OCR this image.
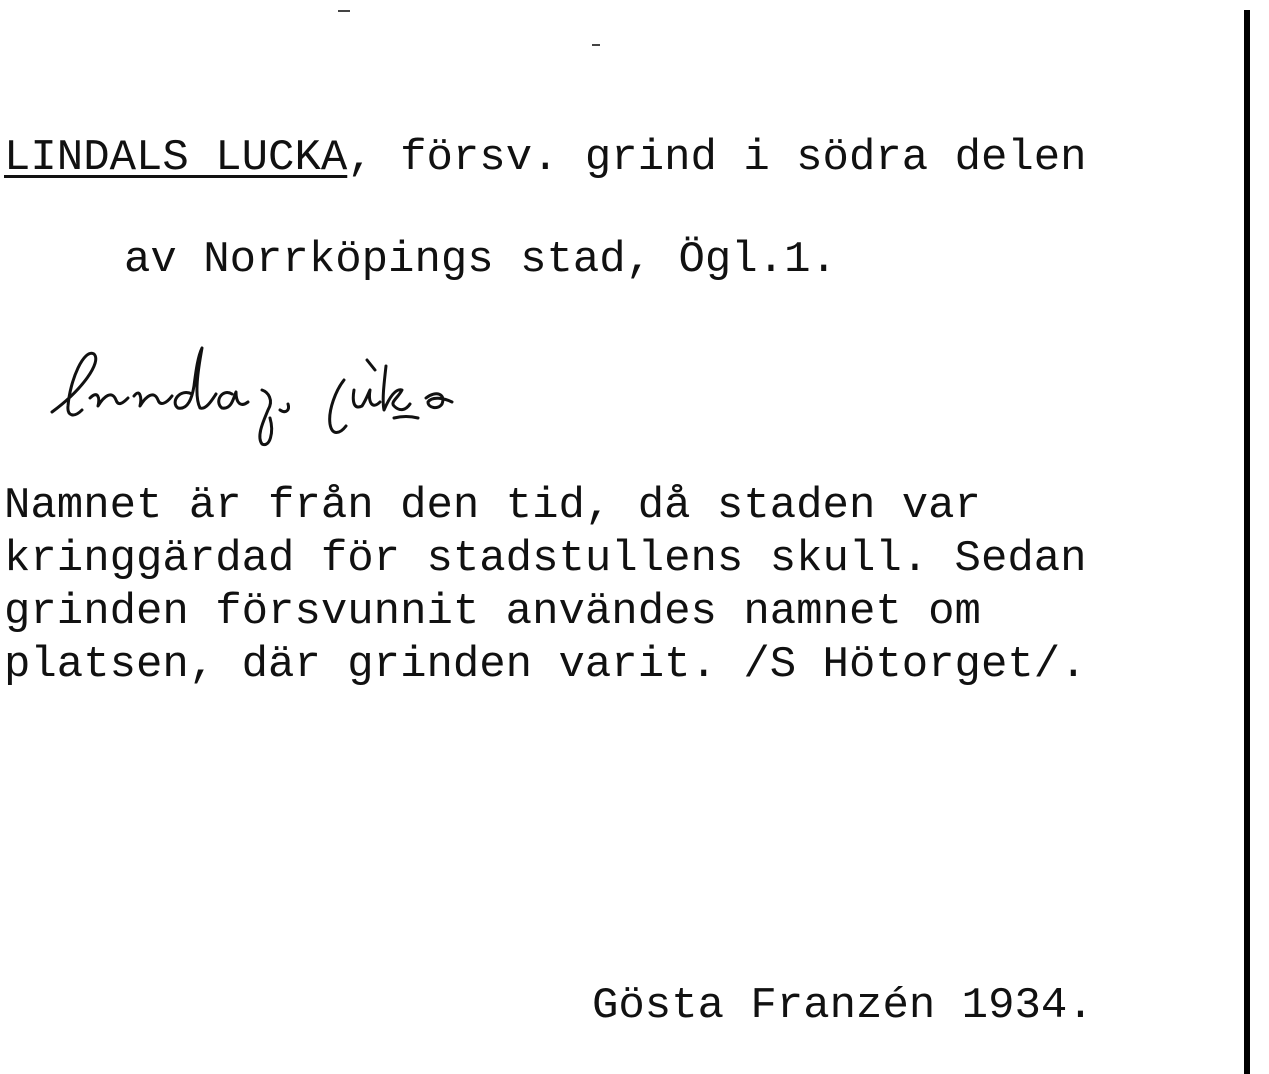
LINDALS LUCKA, försv. grind i södra delen

av Norrköpings stad, Ögl.1.

Namnet är från den tid, då staden var

kringgärdad för stadstullens skull. Sedan

grinden försvunnit användes namnet om

platsen, där grinden varit. /S Hötorget/.

Gösta Franzén 1934.
